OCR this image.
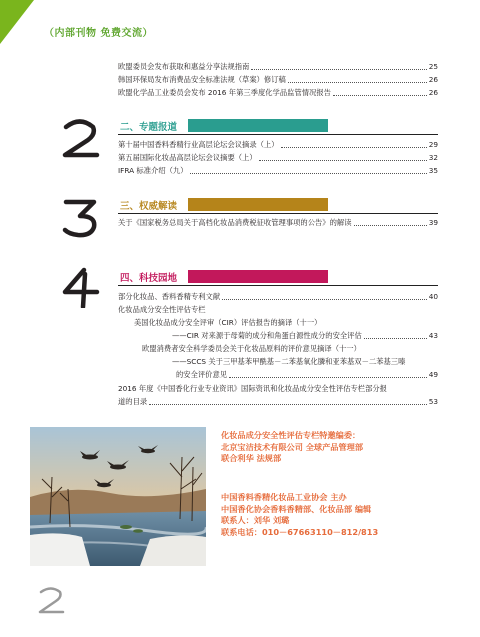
（内部刊物 免费交流）
欧盟委员会发布获取和惠益分享法规指南	25
韩国环保局发布消费品安全标准法规（草案）修订稿	26
欧盟化学品工业委员会发布 2016 年第三季度化学品监管情况报告	26
二、专题报道
第十届中国香料香精行业高层论坛会议摘录（上）	29
第五届国际化妆品高层论坛会议摘要（上）	32
IFRA 标准介绍（九）	35
三、权威解读
关于《国家税务总局关于高档化妆品消费税征收管理事项的公告》的解读	39
四、科技园地
部分化妆品、香料香精专利文献	40
化妆品成分安全性评估专栏
美国化妆品成分安全评审（CIR）评估报告的摘译（十一）
——CIR 对来源于母菊的成分和角蛋白源性成分的安全评估	43
欧盟消费者安全科学委员会关于化妆品原料的评价意见摘译（十一）
——SCCS 关于三甲基苯甲酰基－二苯基氧化膦和亚苯基双－二苯基三嗪
的安全评价意见	49
2016 年度《中国香化行业专业资讯》国际资讯和化妆品成分安全性评估专栏部分报
道的目录	53
化妆品成分安全性评估专栏特邀编委：
北京宝洁技术有限公司 全球产品管理部
联合利华 法规部
中国香料香精化妆品工业协会 主办
中国香化协会香料香精部、化妆品部 编辑
联系人：刘华 刘璐
联系电话：010－67663110－812/813
